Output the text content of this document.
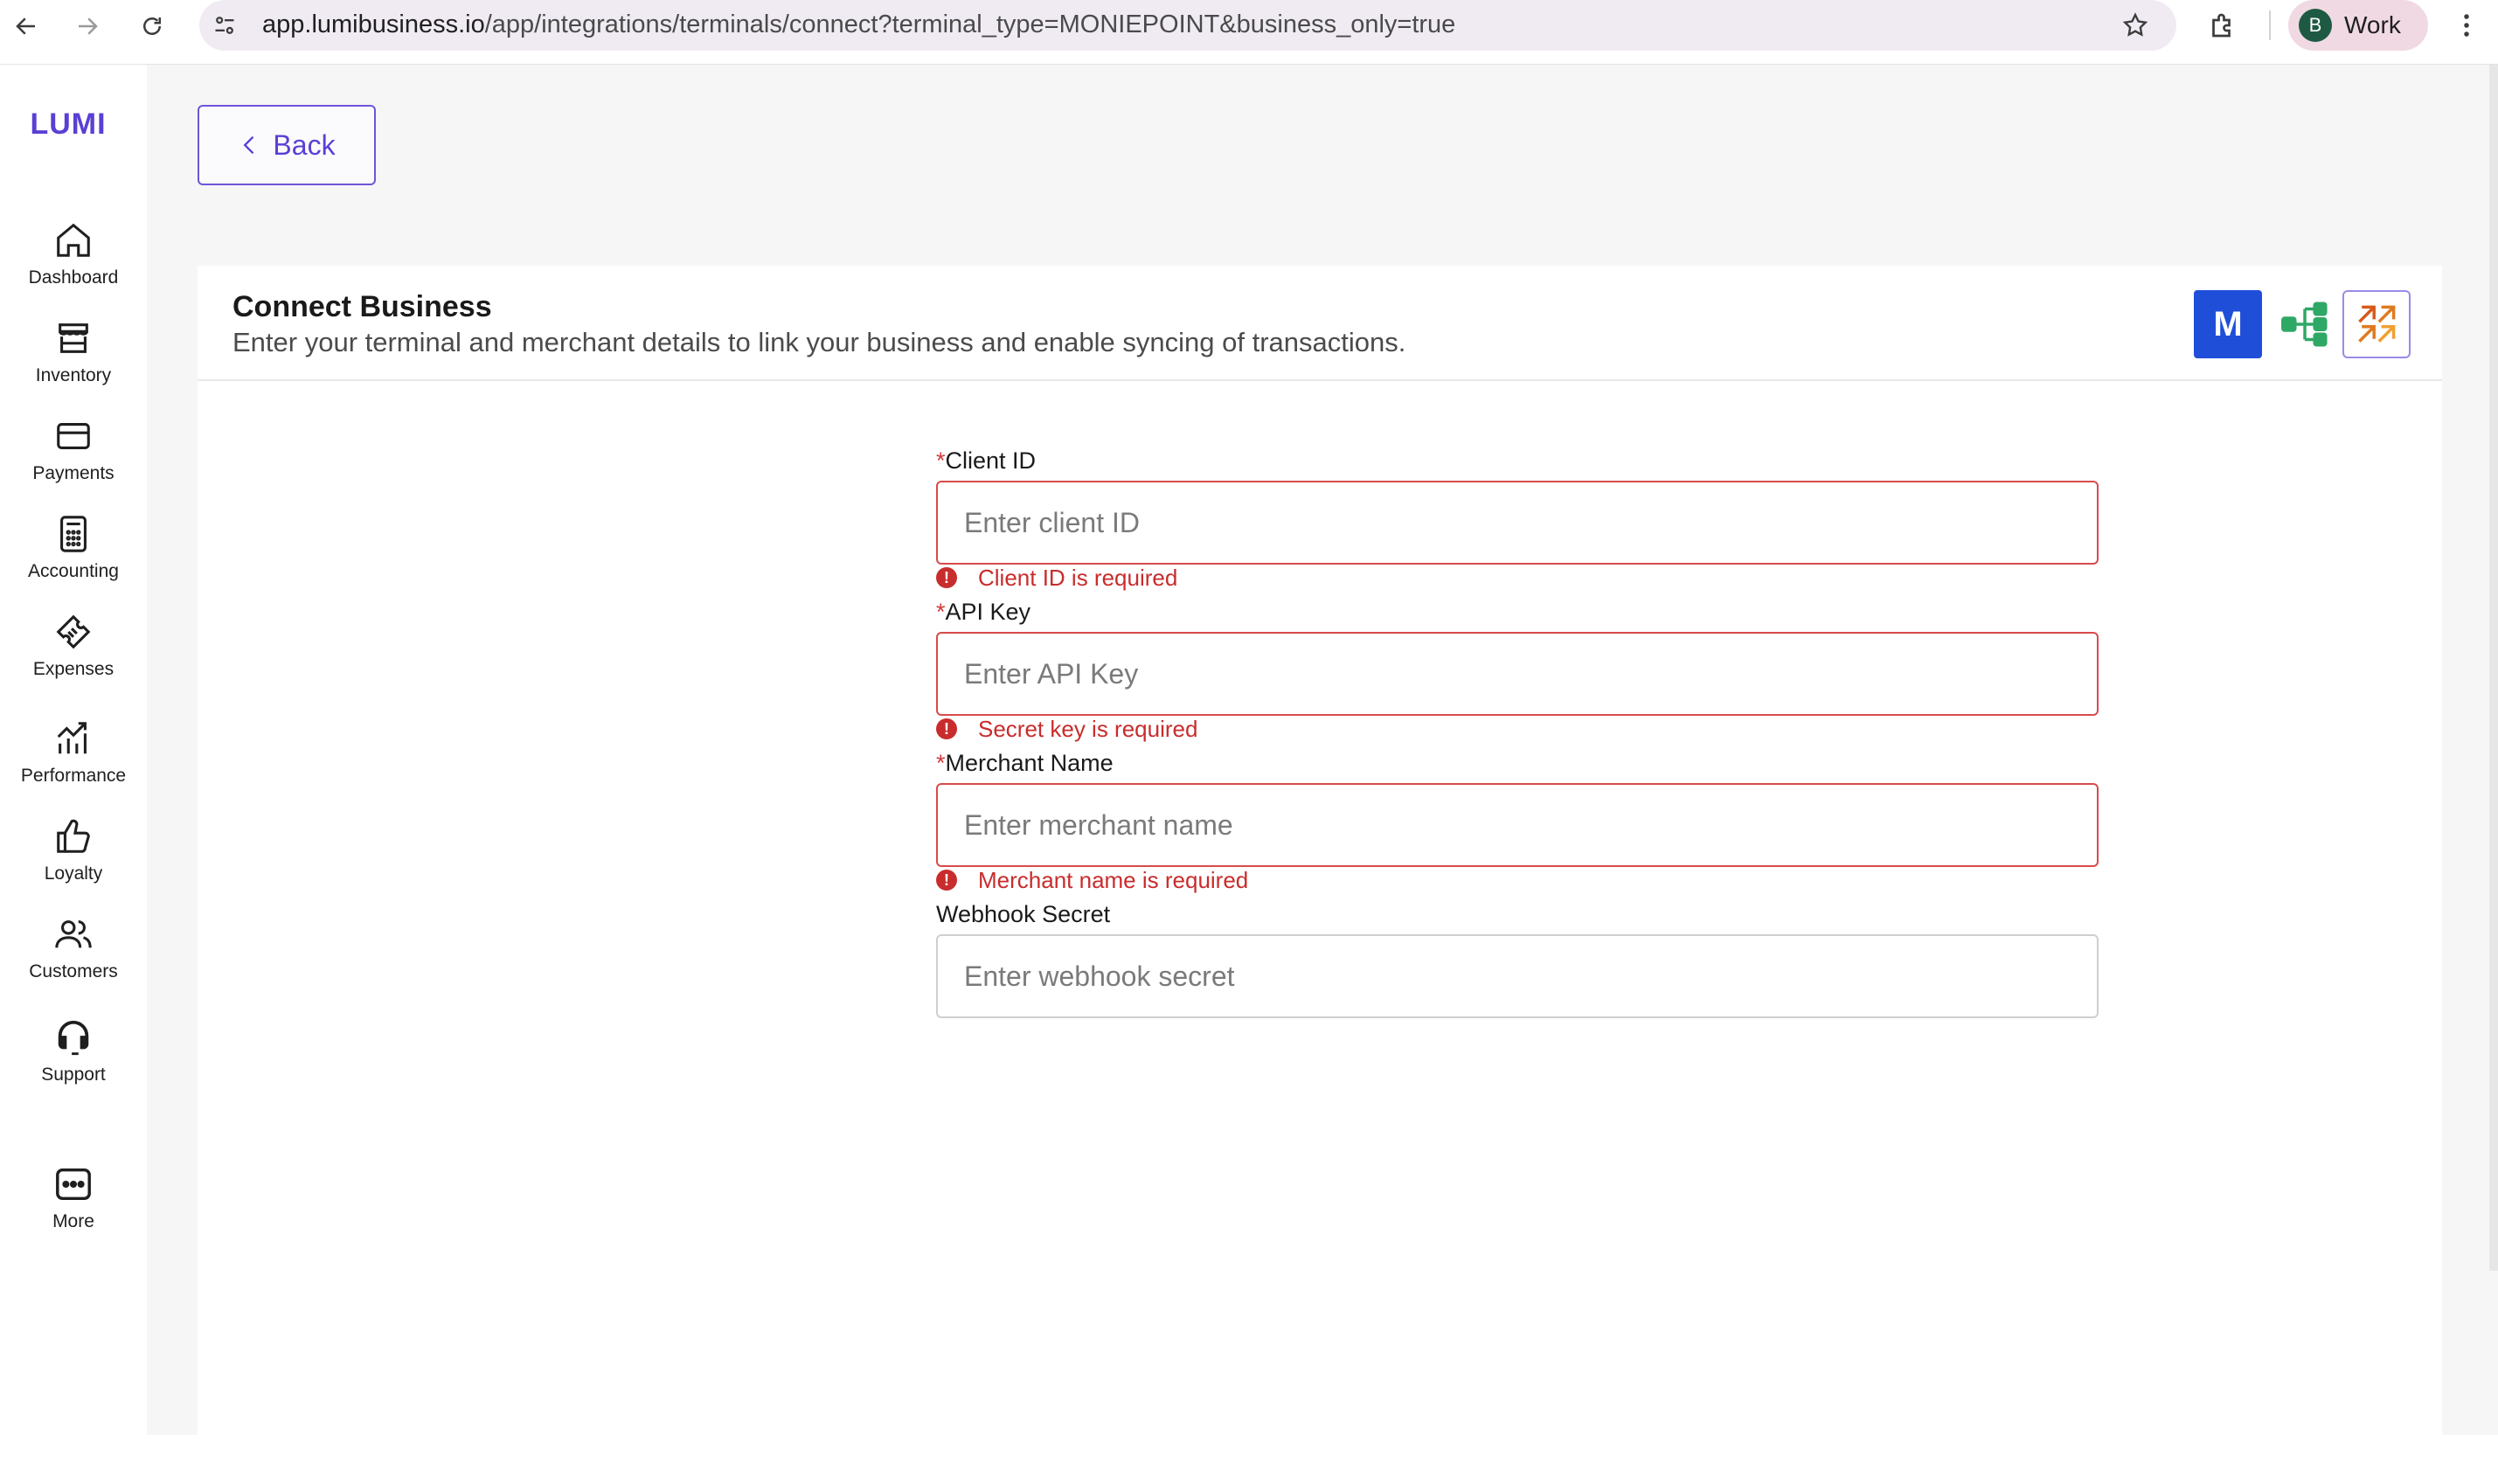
app.lumibusiness.io/app/integrations/terminals/connect?terminal_type=MONIEPOINT&business_only=true	B Work
LUMI
Dashboard
Inventory
Payments
Accounting
Expenses
Performance
Loyalty
Customers
Support
More
Back
Connect Business
Enter your terminal and merchant details to link your business and enable syncing of transactions.	M
*Client ID
Enter client ID
!	Client ID is required
*API Key
Enter API Key
!	Secret key is required
*Merchant Name
Enter merchant name
!	Merchant name is required
Webhook Secret
Enter webhook secret
